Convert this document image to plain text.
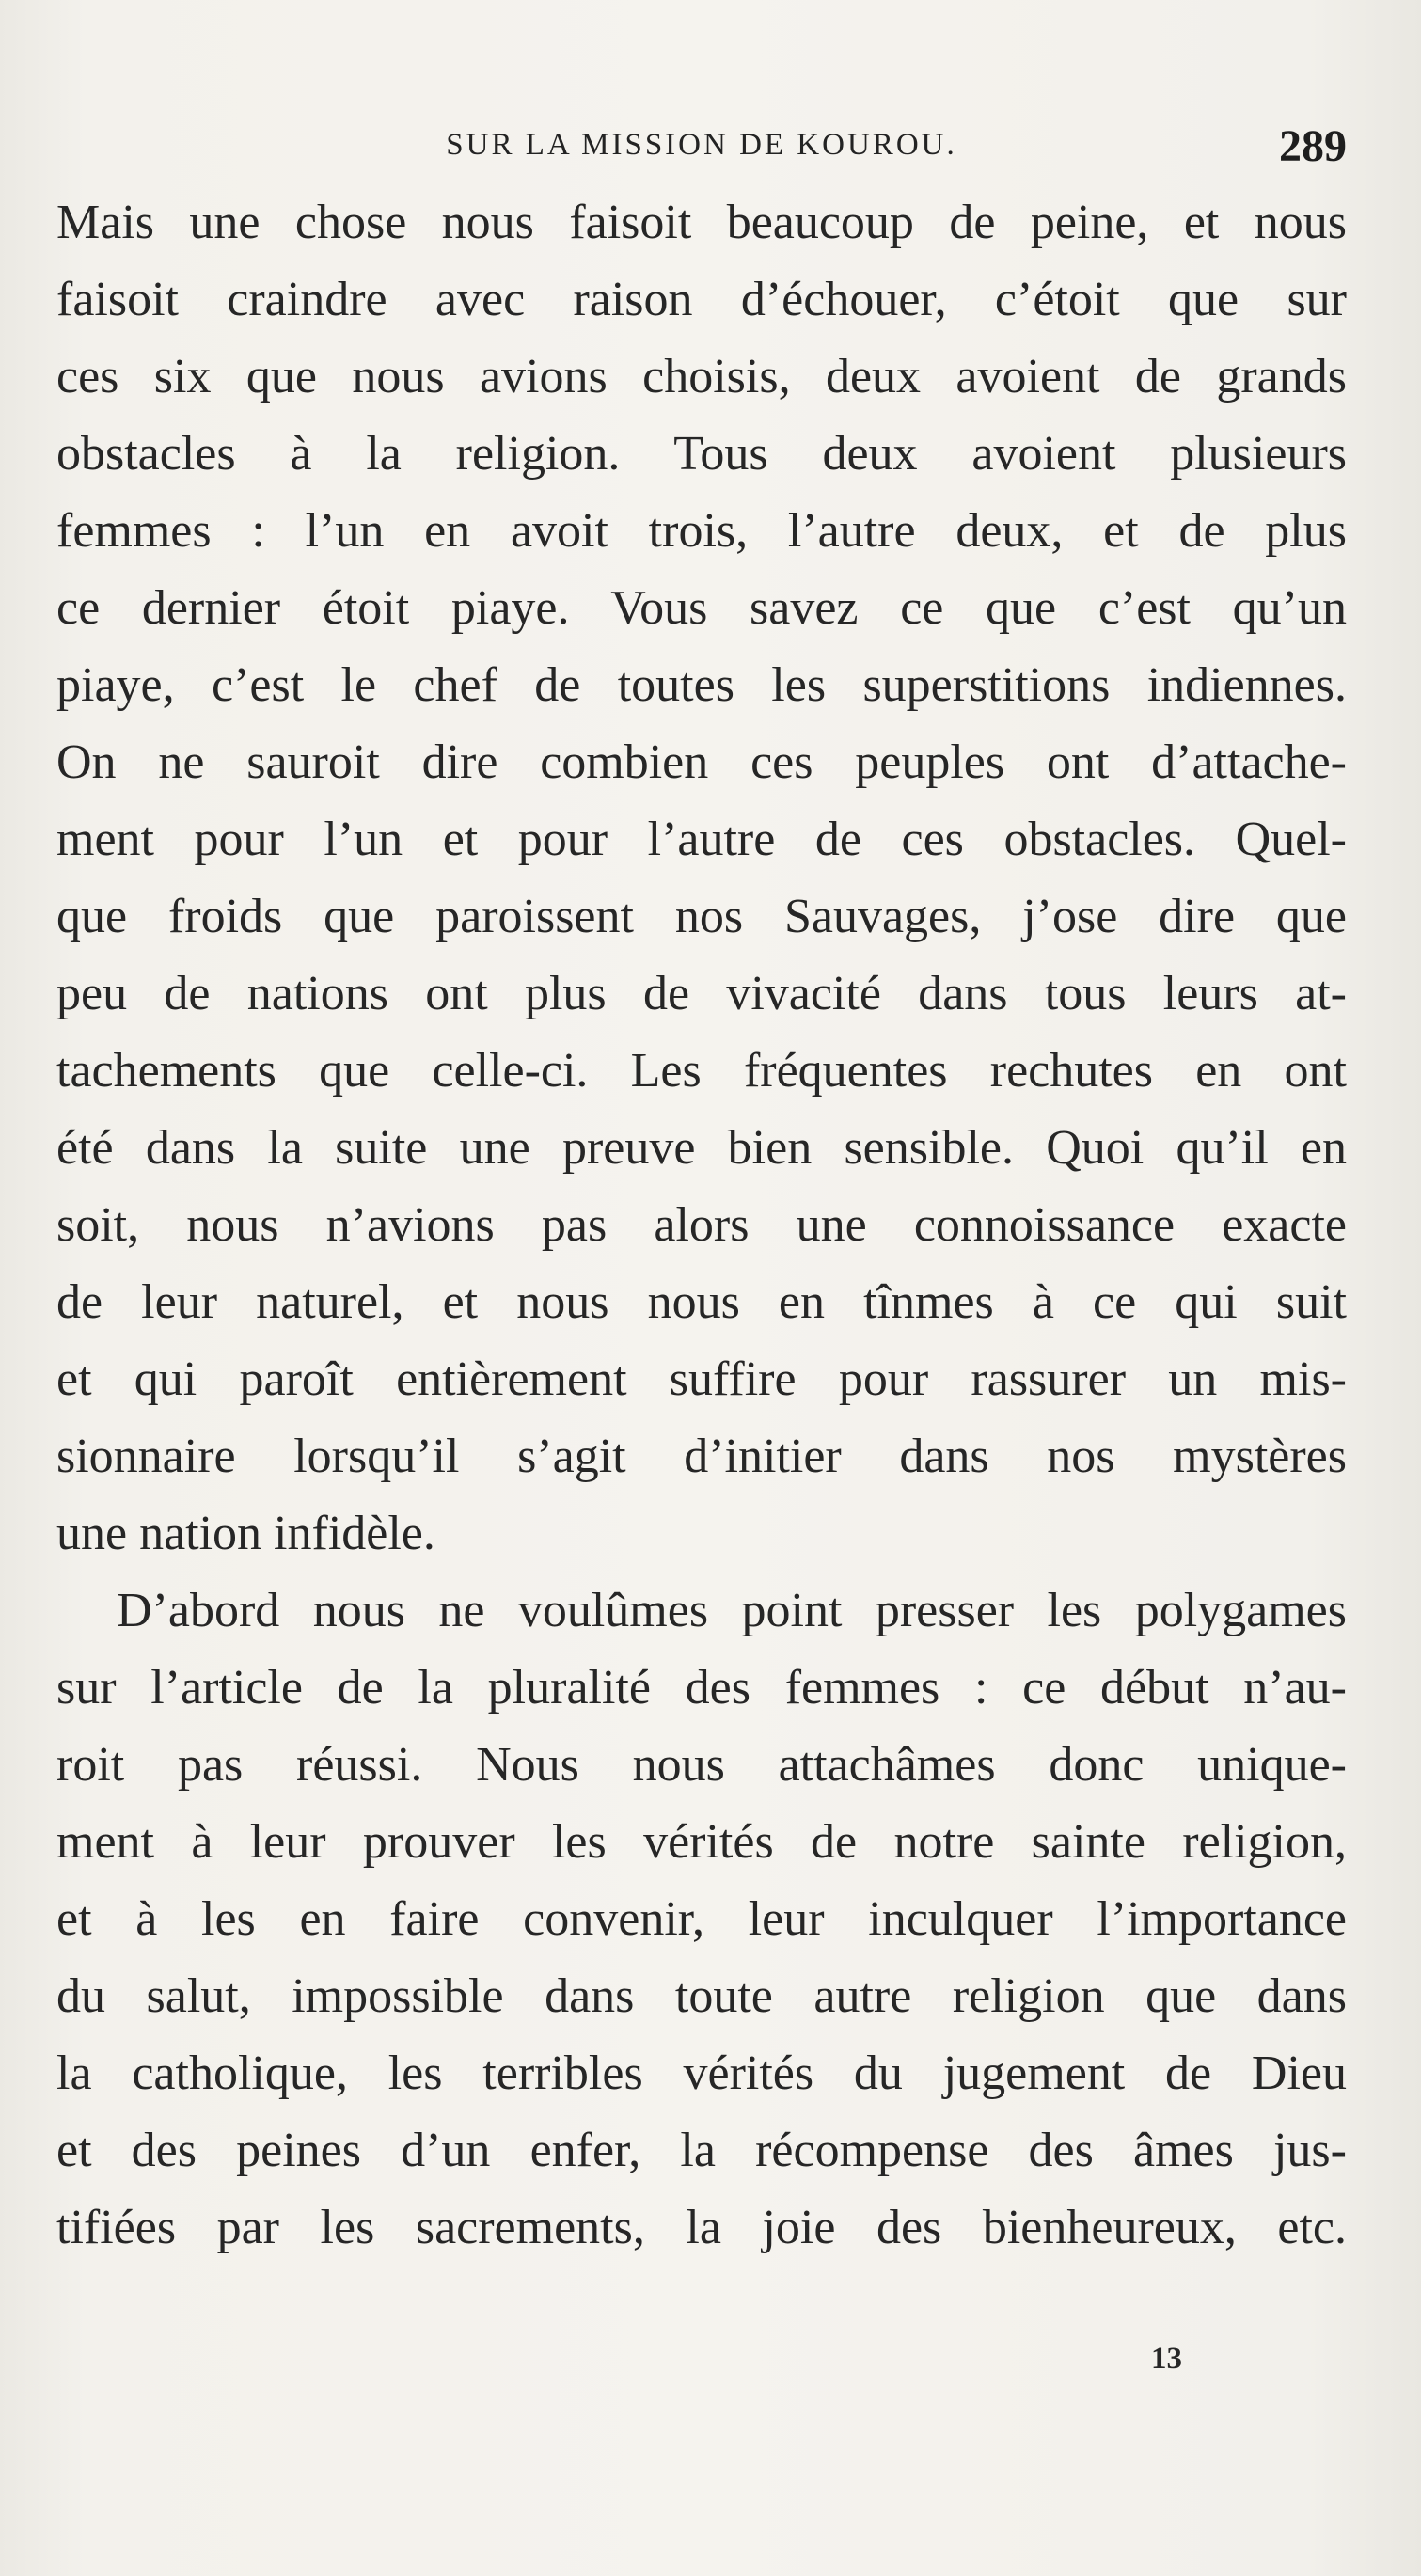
SUR LA MISSION DE KOUROU.	289
Mais une chose nous faisoit beaucoup de peine, et nous
faisoit craindre avec raison d’échouer, c’étoit que sur
ces six que nous avions choisis, deux avoient de grands
obstacles à la religion. Tous deux avoient plusieurs
femmes : l’un en avoit trois, l’autre deux, et de plus
ce dernier étoit piaye. Vous savez ce que c’est qu’un
piaye, c’est le chef de toutes les superstitions indiennes.
On ne sauroit dire combien ces peuples ont d’attache-
ment pour l’un et pour l’autre de ces obstacles. Quel-
que froids que paroissent nos Sauvages, j’ose dire que
peu de nations ont plus de vivacité dans tous leurs at-
tachements que celle-ci. Les fréquentes rechutes en ont
été dans la suite une preuve bien sensible. Quoi qu’il en
soit, nous n’avions pas alors une connoissance exacte
de leur naturel, et nous nous en tînmes à ce qui suit
et qui paroît entièrement suffire pour rassurer un mis-
sionnaire lorsqu’il s’agit d’initier dans nos mystères
une nation infidèle.
D’abord nous ne voulûmes point presser les polygames
sur l’article de la pluralité des femmes : ce début n’au-
roit pas réussi. Nous nous attachâmes donc unique-
ment à leur prouver les vérités de notre sainte religion,
et à les en faire convenir, leur inculquer l’importance
du salut, impossible dans toute autre religion que dans
la catholique, les terribles vérités du jugement de Dieu
et des peines d’un enfer, la récompense des âmes jus-
tifiées par les sacrements, la joie des bienheureux, etc.
13
